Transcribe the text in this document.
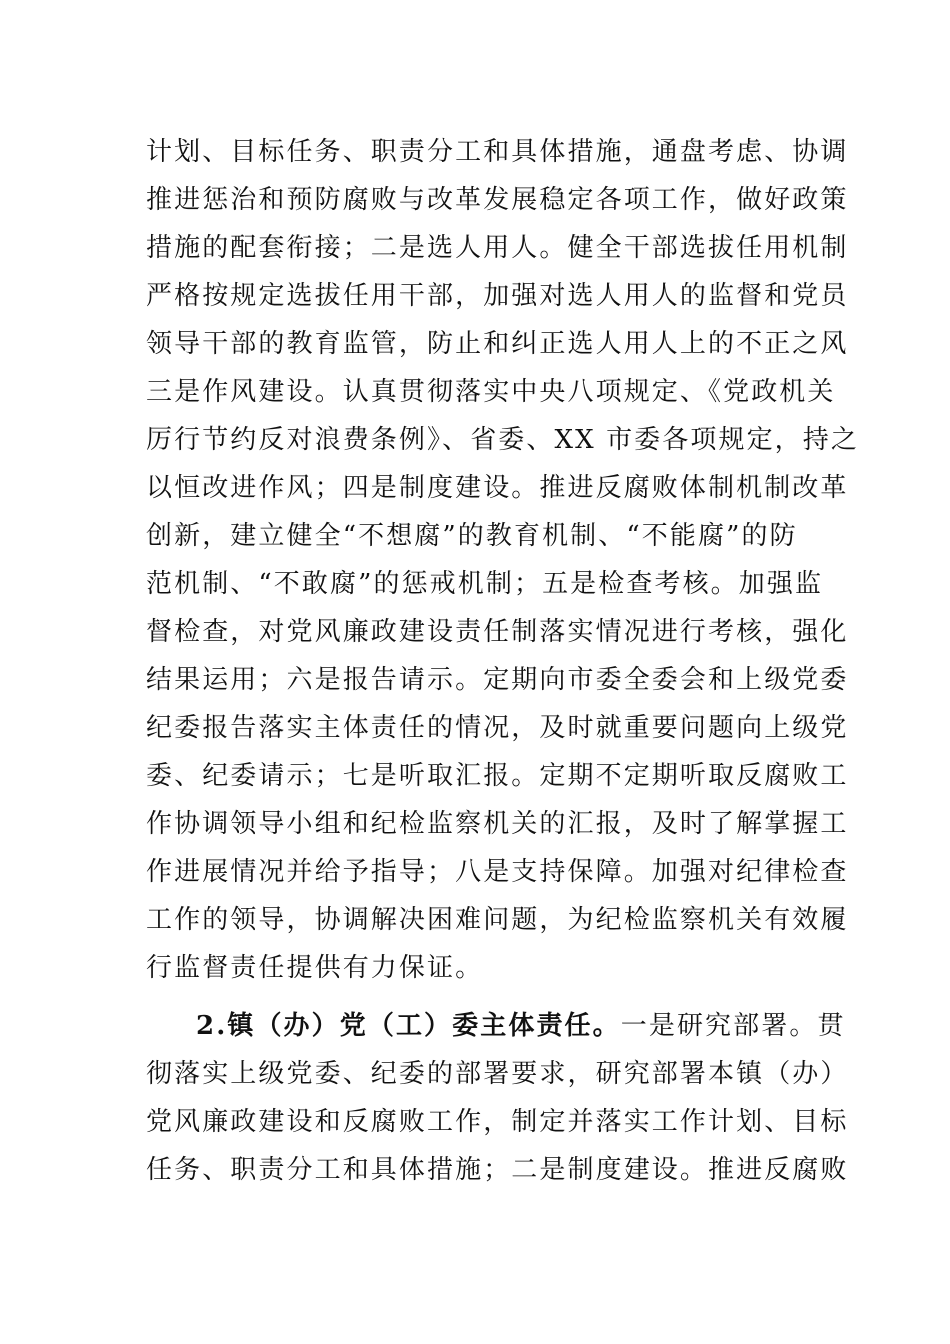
计划、目标任务、职责分工和具体措施，通盘考虑、协调
推进惩治和预防腐败与改革发展稳定各项工作，做好政策
措施的配套衔接；二是选人用人。健全干部选拔任用机制
严格按规定选拔任用干部，加强对选人用人的监督和党员
领导干部的教育监管，防止和纠正选人用人上的不正之风
三是作风建设。认真贯彻落实中央八项规定、《党政机关
厉行节约反对浪费条例》、省委、XX 市委各项规定，持之
以恒改进作风；四是制度建设。推进反腐败体制机制改革
创新，建立健全“不想腐”的教育机制、“不能腐”的防
范机制、“不敢腐”的惩戒机制；五是检查考核。加强监
督检查，对党风廉政建设责任制落实情况进行考核，强化
结果运用；六是报告请示。定期向市委全委会和上级党委
纪委报告落实主体责任的情况，及时就重要问题向上级党
委、纪委请示；七是听取汇报。定期不定期听取反腐败工
作协调领导小组和纪检监察机关的汇报，及时了解掌握工
作进展情况并给予指导；八是支持保障。加强对纪律检查
工作的领导，协调解决困难问题，为纪检监察机关有效履
行监督责任提供有力保证。
2.镇（办）党（工）委主体责任。一是研究部署。贯
彻落实上级党委、纪委的部署要求，研究部署本镇（办）
党风廉政建设和反腐败工作，制定并落实工作计划、目标
任务、职责分工和具体措施；二是制度建设。推进反腐败
